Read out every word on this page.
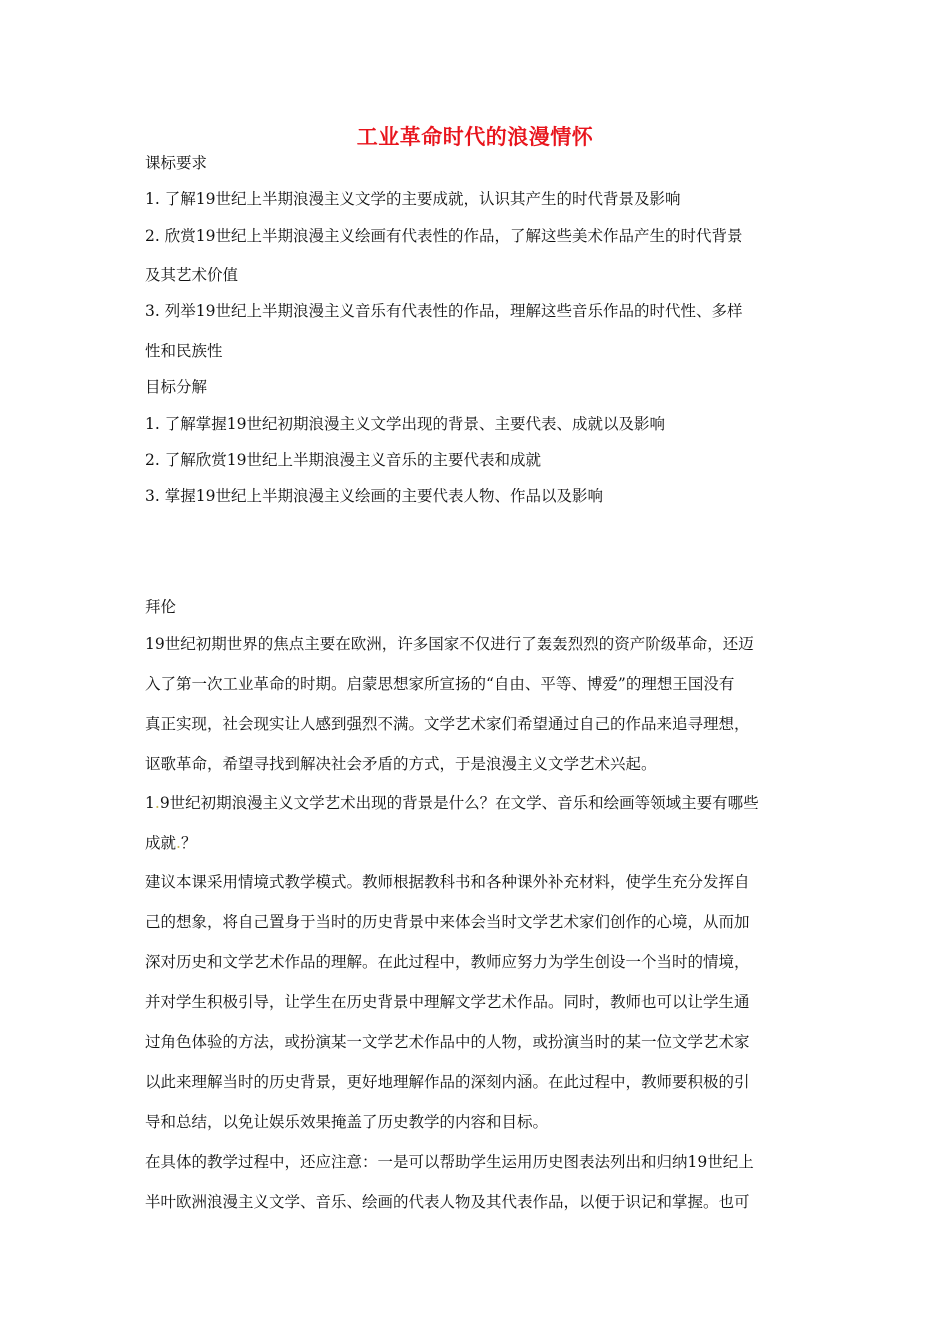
工业革命时代的浪漫情怀
课标要求
1. 了解19世纪上半期浪漫主义文学的主要成就，认识其产生的时代背景及影响
2. 欣赏19世纪上半期浪漫主义绘画有代表性的作品，了解这些美术作品产生的时代背景
及其艺术价值
3. 列举19世纪上半期浪漫主义音乐有代表性的作品，理解这些音乐作品的时代性、多样
性和民族性
目标分解
1. 了解掌握19世纪初期浪漫主义文学出现的背景、主要代表、成就以及影响
2. 了解欣赏19世纪上半期浪漫主义音乐的主要代表和成就
3. 掌握19世纪上半期浪漫主义绘画的主要代表人物、作品以及影响
拜伦
19世纪初期世界的焦点主要在欧洲，许多国家不仅进行了轰轰烈烈的资产阶级革命，还迈
入了第一次工业革命的时期。启蒙思想家所宣扬的“自由、平等、博爱”的理想王国没有
真正实现，社会现实让人感到强烈不满。文学艺术家们希望通过自己的作品来追寻理想，
讴歌革命，希望寻找到解决社会矛盾的方式，于是浪漫主义文学艺术兴起。
1.9世纪初期浪漫主义文学艺术出现的背景是什么？在文学、音乐和绘画等领域主要有哪些
成就.？
建议本课采用情境式教学模式。教师根据教科书和各种课外补充材料，使学生充分发挥自
己的想象，将自己置身于当时的历史背景中来体会当时文学艺术家们创作的心境，从而加
深对历史和文学艺术作品的理解。在此过程中，教师应努力为学生创设一个当时的情境，
并对学生积极引导，让学生在历史背景中理解文学艺术作品。同时，教师也可以让学生通
过角色体验的方法，或扮演某一文学艺术作品中的人物，或扮演当时的某一位文学艺术家
以此来理解当时的历史背景，更好地理解作品的深刻内涵。在此过程中，教师要积极的引
导和总结，以免让娱乐效果掩盖了历史教学的内容和目标。
在具体的教学过程中，还应注意：一是可以帮助学生运用历史图表法列出和归纳19世纪上
半叶欧洲浪漫主义文学、音乐、绘画的代表人物及其代表作品，以便于识记和掌握。也可
